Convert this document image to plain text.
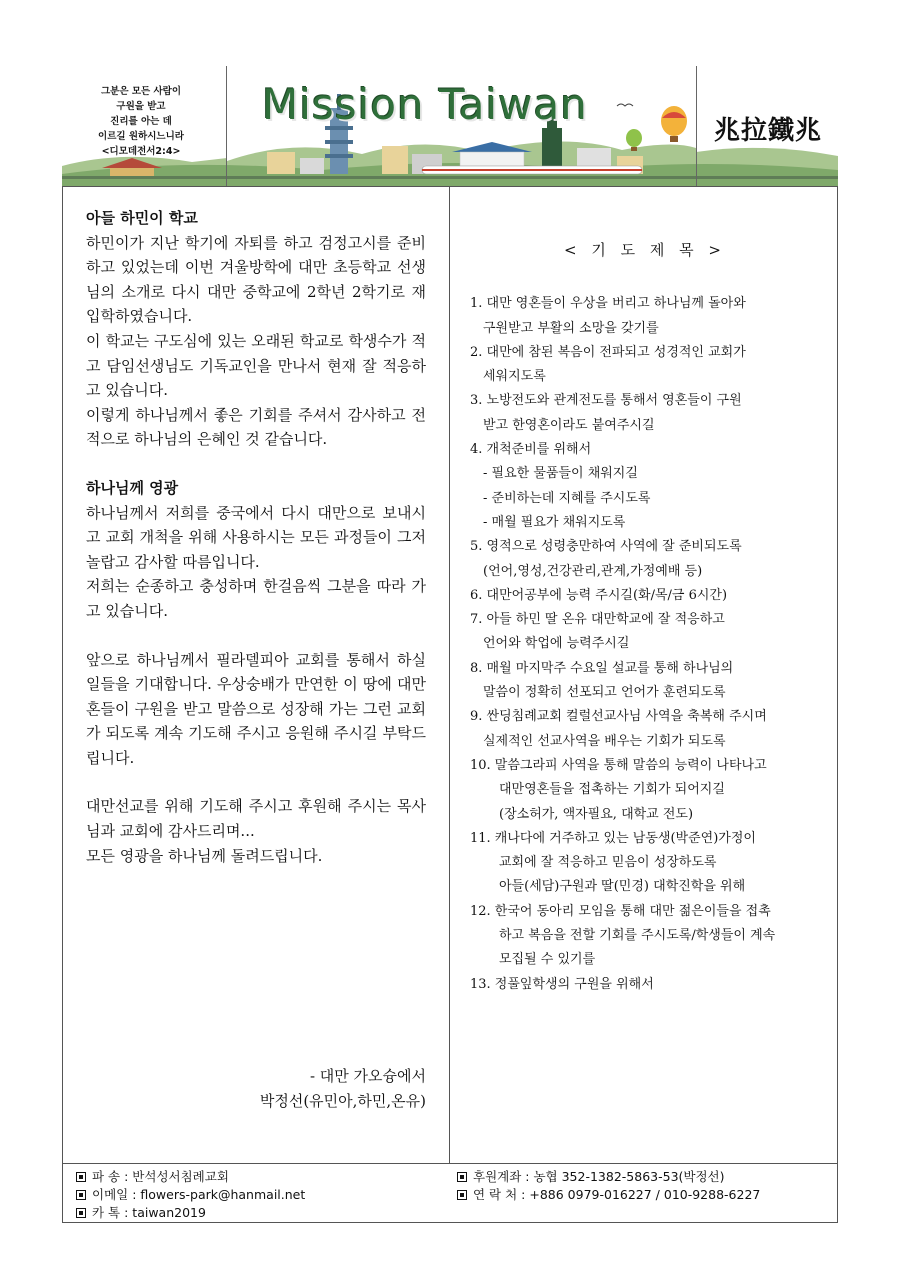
그분은 모든 사람이
구원을 받고
진리를 아는 데
이르길 원하시느니라
<디모데전서2:4>
Mission Taiwan
兆拉鐵兆
아들 하민이 학교

하민이가 지난 학기에 자퇴를 하고 검정고시를 준비하고 있었는데 이번 겨울방학에 대만 초등학교 선생님의 소개로 다시 대만 중학교에 2학년 2학기로 재입학하였습니다.

이 학교는 구도심에 있는 오래된 학교로 학생수가 적고 담임선생님도 기독교인을 만나서 현재 잘 적응하고 있습니다.

이렇게 하나님께서 좋은 기회를 주셔서 감사하고 전적으로 하나님의 은혜인 것 같습니다.

하나님께 영광

하나님께서 저희를 중국에서 다시 대만으로 보내시고 교회 개척을 위해 사용하시는 모든 과정들이 그저 놀랍고 감사할 따름입니다.

저희는 순종하고 충성하며 한걸음씩 그분을 따라 가고 있습니다.

앞으로 하나님께서 필라델피아 교회를 통해서 하실 일들을 기대합니다. 우상숭배가 만연한 이 땅에 대만 혼들이 구원을 받고 말씀으로 성장해 가는 그런 교회가 되도록 계속 기도해 주시고 응원해 주시길 부탁드립니다.

대만선교를 위해 기도해 주시고 후원해 주시는 목사님과 교회에 감사드리며...

모든 영광을 하나님께 돌려드립니다.

- 대만 가오슝에서
박정선(유민아,하민,온유)
< 기 도 제 목 >
1. 대만 영혼들이 우상을 버리고 하나님께 돌아와
구원받고 부활의 소망을 갖기를
2. 대만에 참된 복음이 전파되고 성경적인 교회가
세워지도록
3. 노방전도와 관계전도를 통해서 영혼들이 구원
받고 한영혼이라도 붙여주시길
4. 개척준비를 위해서
- 필요한 물품들이 채워지길
- 준비하는데 지혜를 주시도록
- 매월 필요가 채워지도록
5. 영적으로 성령충만하여 사역에 잘 준비되도록
(언어,영성,건강관리,관계,가정예배 등)
6. 대만어공부에 능력 주시길(화/목/금 6시간)
7. 아들 하민 딸 온유 대만학교에 잘 적응하고
언어와 학업에 능력주시길
8. 매월 마지막주 수요일 설교를 통해 하나님의
말씀이 정확히 선포되고 언어가 훈련되도록
9. 싼딩침례교회 컬럴선교사님 사역을 축복해 주시며
실제적인 선교사역을 배우는 기회가 되도록
10. 말씀그라피 사역을 통해 말씀의 능력이 나타나고
대만영혼들을 접촉하는 기회가 되어지길
(장소허가, 액자필요, 대학교 전도)
11. 캐나다에 거주하고 있는 남동생(박준연)가정이
교회에 잘 적응하고 믿음이 성장하도록
아들(세담)구원과 딸(민경) 대학진학을 위해
12. 한국어 동아리 모임을 통해 대만 젊은이들을 접촉
하고 복음을 전할 기회를 주시도록/학생들이 계속
모집될 수 있기를
13. 정풀잎학생의 구원을 위해서
파 송 : 반석성서침례교회
이메일 : flowers-park@hanmail.net
카 톡 : taiwan2019
후원계좌 : 농협 352-1382-5863-53(박정선)
연 락 처 : +886 0979-016227 / 010-9288-6227
